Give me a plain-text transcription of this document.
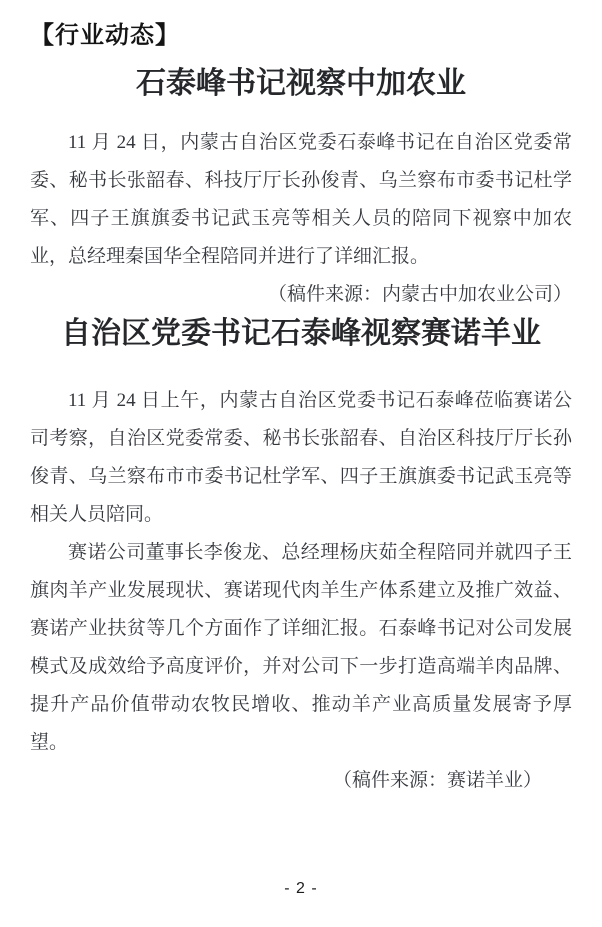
【行业动态】
石泰峰书记视察中加农业

11 月 24 日，内蒙古自治区党委石泰峰书记在自治区党委常委、秘书长张韶春、科技厅厅长孙俊青、乌兰察布市委书记杜学军、四子王旗旗委书记武玉亮等相关人员的陪同下视察中加农业，总经理秦国华全程陪同并进行了详细汇报。

（稿件来源：内蒙古中加农业公司）

自治区党委书记石泰峰视察赛诺羊业

11 月 24 日上午，内蒙古自治区党委书记石泰峰莅临赛诺公司考察，自治区党委常委、秘书长张韶春、自治区科技厅厅长孙俊青、乌兰察布市市委书记杜学军、四子王旗旗委书记武玉亮等相关人员陪同。

赛诺公司董事长李俊龙、总经理杨庆茹全程陪同并就四子王旗肉羊产业发展现状、赛诺现代肉羊生产体系建立及推广效益、赛诺产业扶贫等几个方面作了详细汇报。石泰峰书记对公司发展模式及成效给予高度评价，并对公司下一步打造高端羊肉品牌、提升产品价值带动农牧民增收、推动羊产业高质量发展寄予厚望。

（稿件来源：赛诺羊业）

- 2 -
